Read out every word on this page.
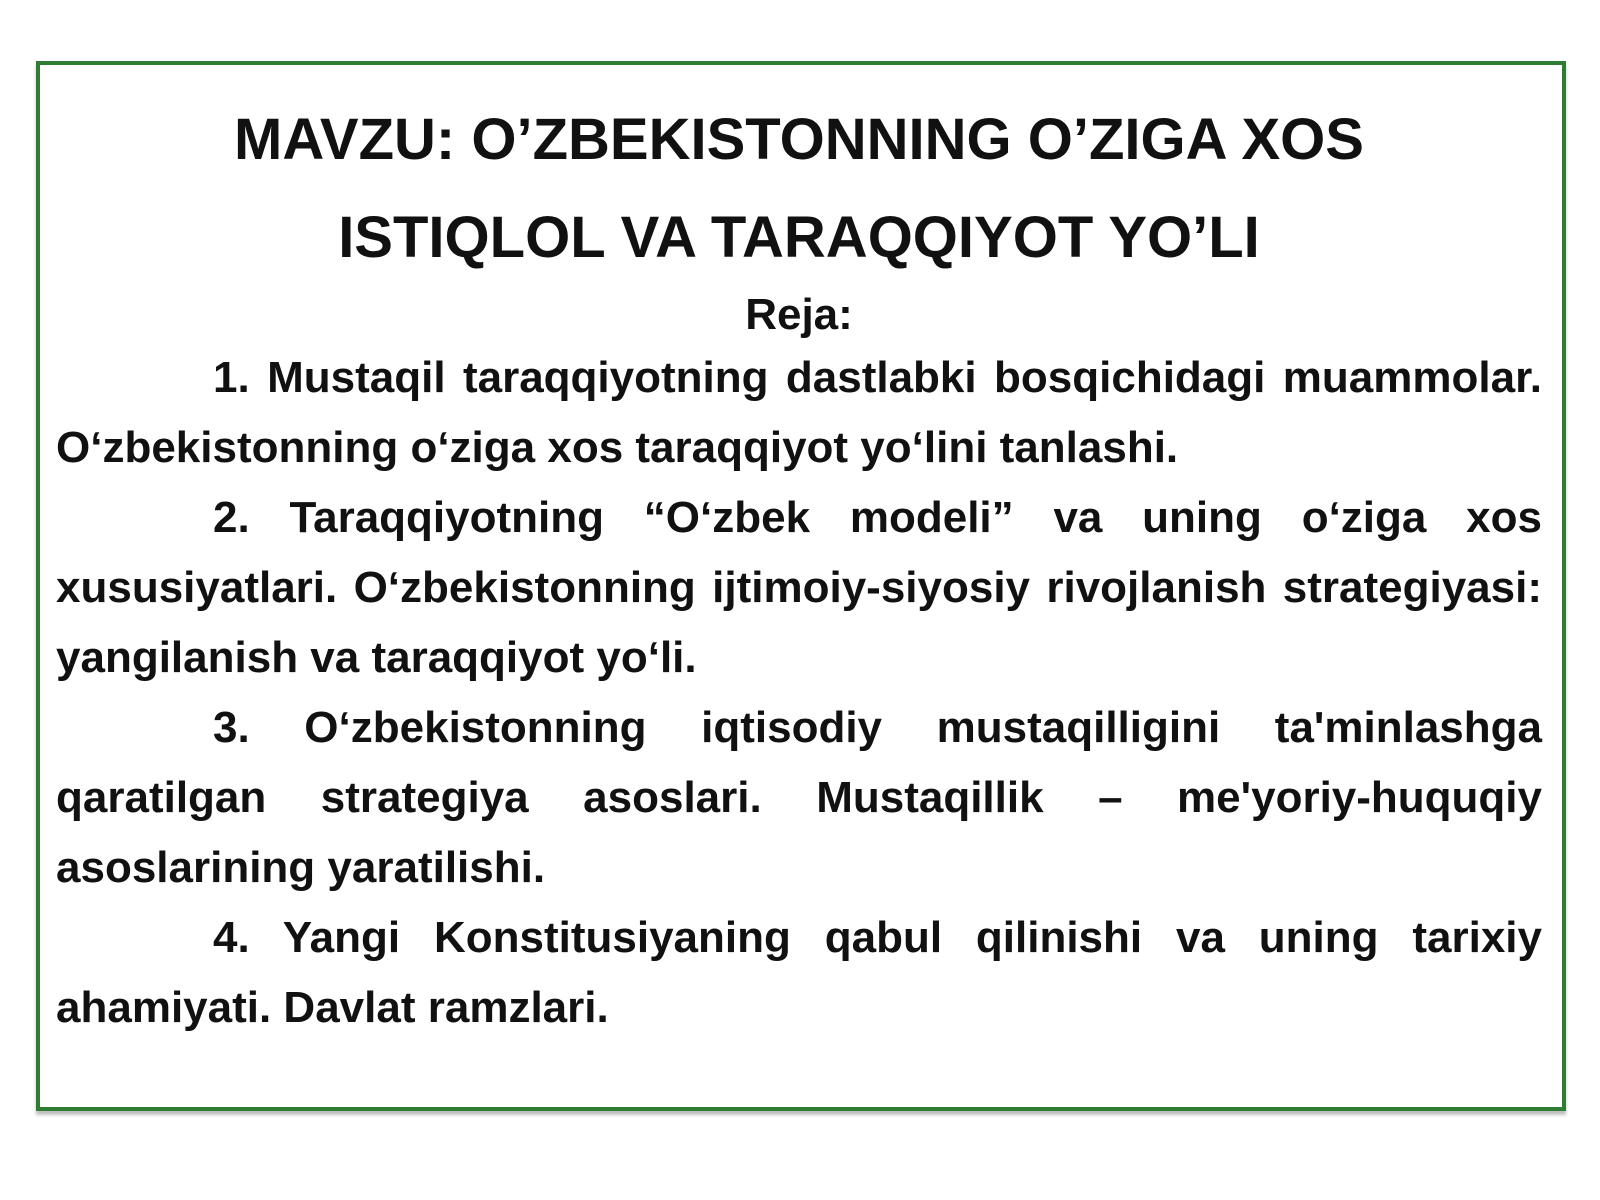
MAVZU: O’ZBEKISTONNING O’ZIGA XOS
ISTIQLOL VA TARAQQIYOT YO’LI
Reja:
1. Mustaqil taraqqiyotning dastlabki bosqichidagi muammolar. O‘zbekistonning o‘ziga xos taraqqiyot yo‘lini tanlashi.
2. Taraqqiyotning “O‘zbek modeli” va uning o‘ziga xos xususiyatlari. O‘zbekistonning ijtimoiy-siyosiy rivojlanish strategiyasi: yangilanish va taraqqiyot yo‘li.
3. O‘zbekistonning iqtisodiy mustaqilligini ta'minlashga qaratilgan strategiya asoslari. Mustaqillik – me'yoriy-huquqiy asoslarining yaratilishi.
4. Yangi Konstitusiyaning qabul qilinishi va uning tarixiy ahamiyati. Davlat ramzlari.
